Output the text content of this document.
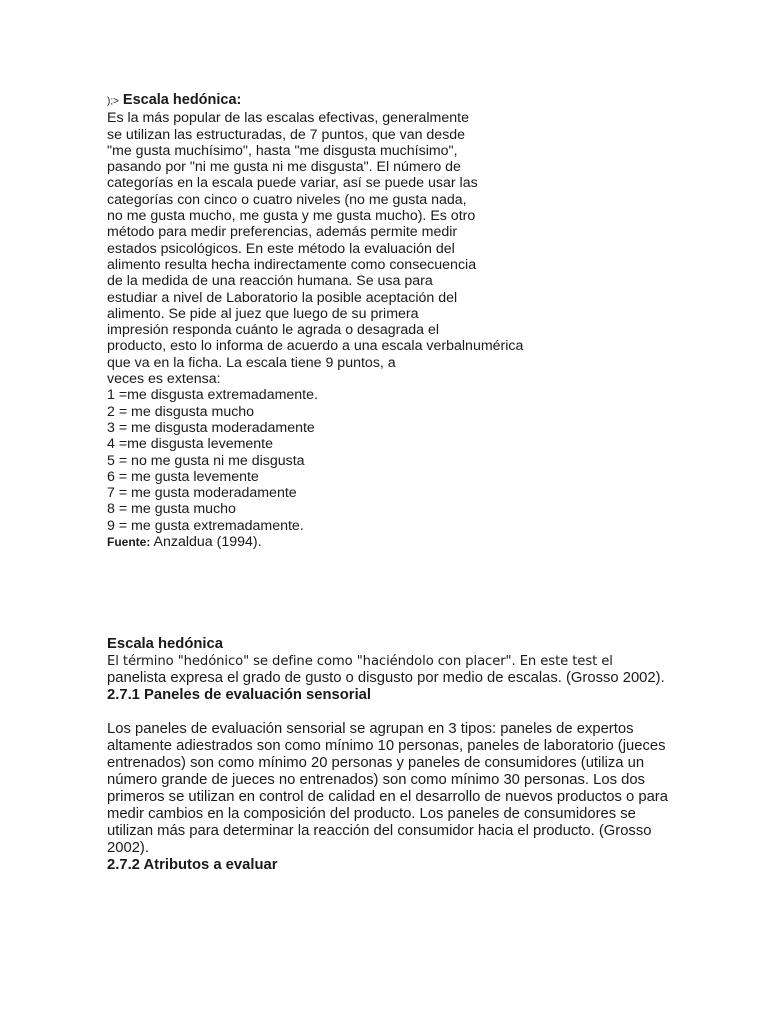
);> Escala hedónica:

Es la más popular de las escalas efectivas, generalmente

se utilizan las estructuradas, de 7 puntos, que van desde

"me gusta muchísimo", hasta "me disgusta muchísimo",

pasando por "ni me gusta ni me disgusta". El número de

categorías en la escala puede variar, así se puede usar las

categorías con cinco o cuatro niveles (no me gusta nada,

no me gusta mucho, me gusta y me gusta mucho). Es otro

método para medir preferencias, además permite medir

estados psicológicos. En este método la evaluación del

alimento resulta hecha indirectamente como consecuencia

de la medida de una reacción humana. Se usa para

estudiar a nivel de Laboratorio la posible aceptación del

alimento. Se pide al juez que luego de su primera

impresión responda cuánto le agrada o desagrada el

producto, esto lo informa de acuerdo a una escala verbalnumérica

que va en la ficha. La escala tiene 9 puntos, a

veces es extensa:

1 =me disgusta extremadamente.

2 = me disgusta mucho

3 = me disgusta moderadamente

4 =me disgusta levemente

5 = no me gusta ni me disgusta

6 = me gusta levemente

7 = me gusta moderadamente

8 = me gusta mucho

9 = me gusta extremadamente.

Fuente: Anzaldua (1994).

Escala hedónica

El término "hedónico" se define como "haciéndolo con placer". En este test el

panelista expresa el grado de gusto o disgusto por medio de escalas. (Grosso 2002).

2.7.1 Paneles de evaluación sensorial

Los paneles de evaluación sensorial se agrupan en 3 tipos: paneles de expertos

altamente adiestrados son como mínimo 10 personas, paneles de laboratorio (jueces

entrenados) son como mínimo 20 personas y paneles de consumidores (utiliza un

número grande de jueces no entrenados) son como mínimo 30 personas. Los dos

primeros se utilizan en control de calidad en el desarrollo de nuevos productos o para

medir cambios en la composición del producto. Los paneles de consumidores se

utilizan más para determinar la reacción del consumidor hacia el producto. (Grosso

2002).

2.7.2 Atributos a evaluar
